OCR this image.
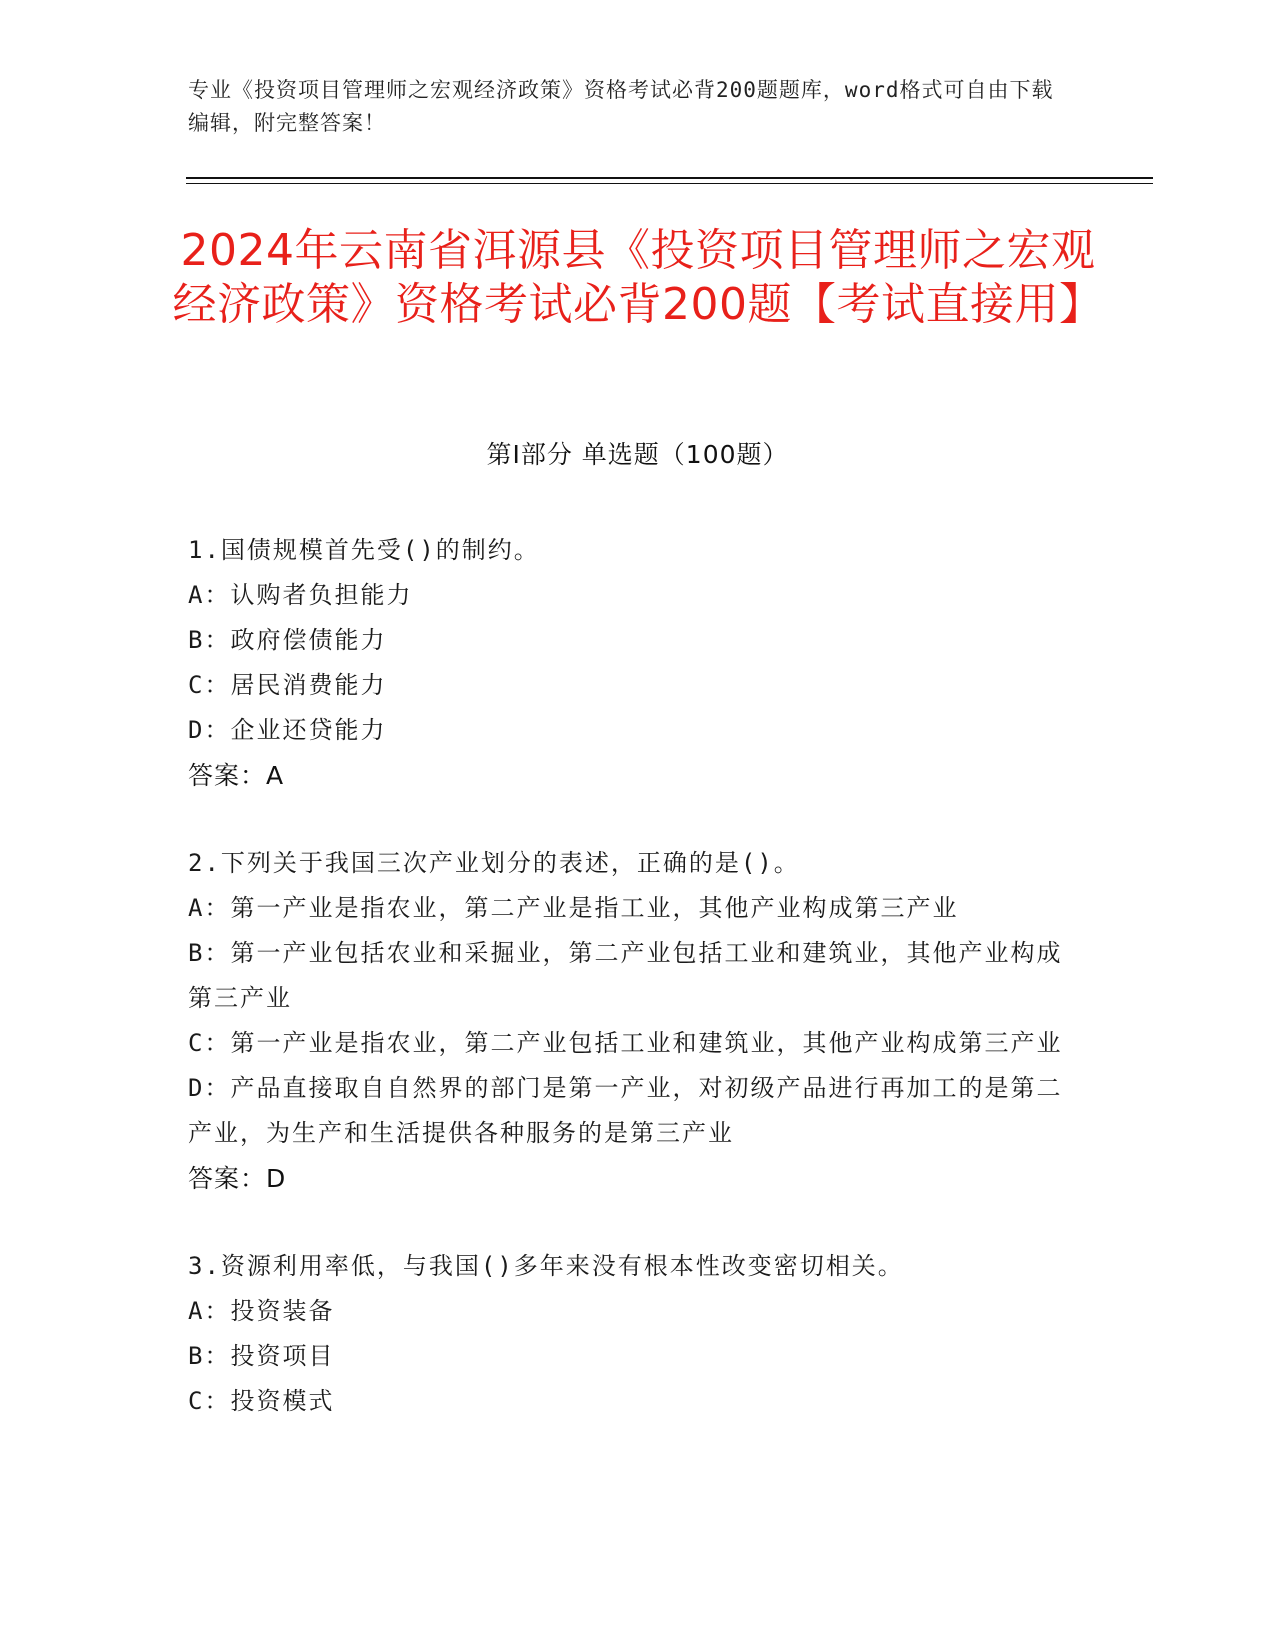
专业《投资项目管理师之宏观经济政策》资格考试必背200题题库，word格式可自由下载编辑，附完整答案！
2024年云南省洱源县《投资项目管理师之宏观经济政策》资格考试必背200题【考试直接用】
第Ⅰ部分 单选题（100题）
1.国债规模首先受()的制约。
A：认购者负担能力
B：政府偿债能力
C：居民消费能力
D：企业还贷能力
答案：A
2.下列关于我国三次产业划分的表述，正确的是()。
A：第一产业是指农业，第二产业是指工业，其他产业构成第三产业
B：第一产业包括农业和采掘业，第二产业包括工业和建筑业，其他产业构成第三产业
C：第一产业是指农业，第二产业包括工业和建筑业，其他产业构成第三产业
D：产品直接取自自然界的部门是第一产业，对初级产品进行再加工的是第二产业，为生产和生活提供各种服务的是第三产业
答案：D
3.资源利用率低，与我国()多年来没有根本性改变密切相关。
A：投资装备
B：投资项目
C：投资模式
